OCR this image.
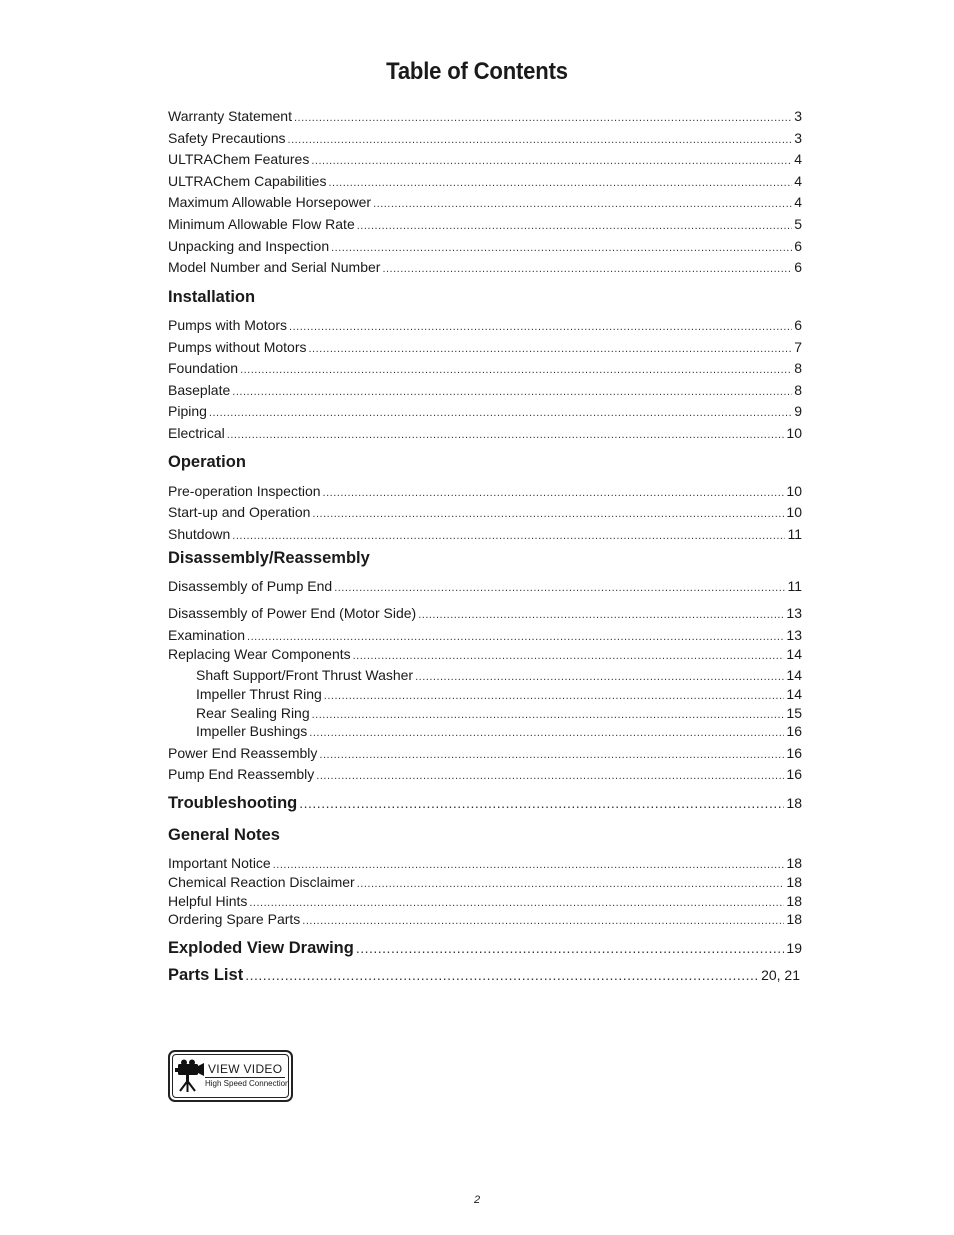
Table of Contents
Warranty Statement .....	3
Safety Precautions .....	3
ULTRAChem Features .....	4
ULTRAChem Capabilities .....	4
Maximum Allowable Horsepower .....	4
Minimum Allowable Flow Rate .....	5
Unpacking and Inspection .....	6
Model Number and Serial Number .....	6
Installation
Pumps with Motors .....	6
Pumps without Motors .....	7
Foundation .....	8
Baseplate .....	8
Piping .....	9
Electrical .....	10
Operation
Pre-operation Inspection .....	10
Start-up and Operation .....	10
Shutdown .....	11
Disassembly/Reassembly
Disassembly of Pump End .....	11
Disassembly of Power End (Motor Side) .....	13
Examination .....	13
Replacing Wear Components .....	14
Shaft Support/Front Thrust Washer .....	14
Impeller Thrust Ring .....	14
Rear Sealing Ring .....	15
Impeller Bushings .....	16
Power End Reassembly .....	16
Pump End Reassembly .....	16
Troubleshooting .....	18
General Notes
Important Notice .....	18
Chemical Reaction Disclaimer .....	18
Helpful Hints .....	18
Ordering Spare Parts .....	18
Exploded View Drawing .....	19
Parts List .....	20, 21
VIEW VIDEO
High Speed Connection
2
